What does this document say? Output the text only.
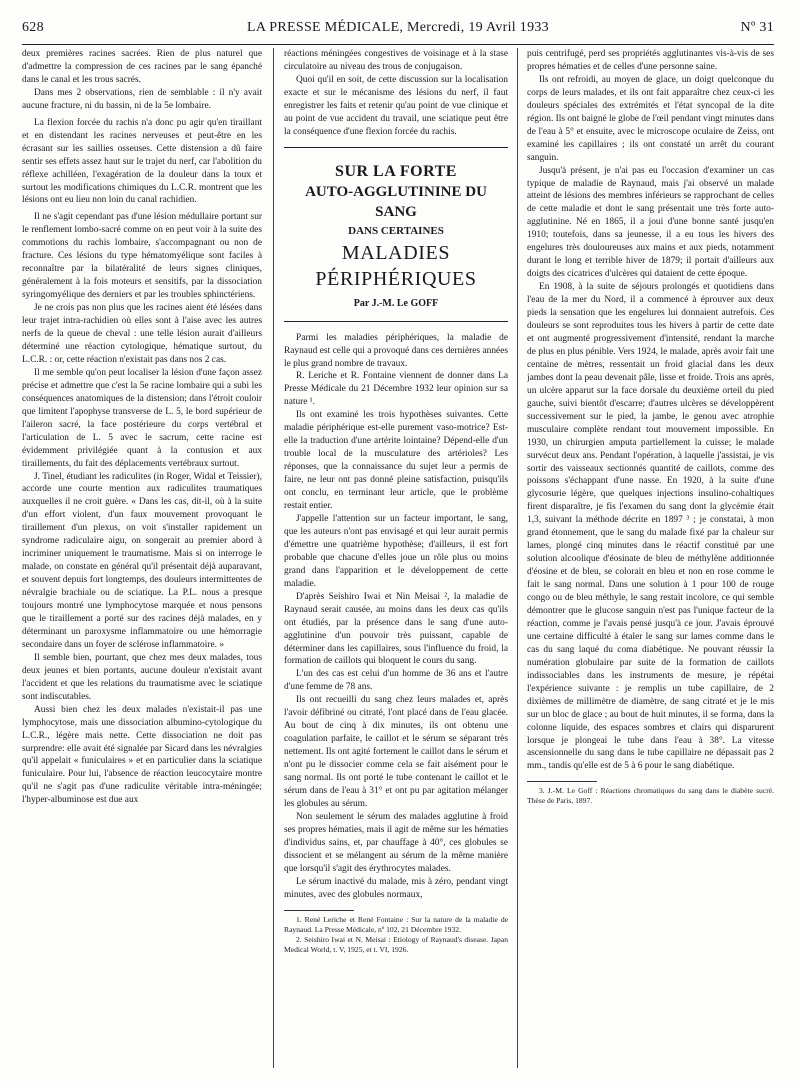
628	LA PRESSE MÉDICALE, Mercredi, 19 Avril 1933	Nº 31

deux premières racines sacrées. Rien de plus naturel que d'admettre la compression de ces racines par le sang épanché dans le canal et les trous sacrés.

Dans mes 2 observations, rien de semblable : il n'y avait aucune fracture, ni du bassin, ni de la 5e lombaire.

La flexion forcée du rachis n'a donc pu agir qu'en tiraillant et en distendant les racines nerveuses et peut-être en les écrasant sur les saillies osseuses. Cette distension a dû faire sentir ses effets assez haut sur le trajet du nerf, car l'abolition du réflexe achilléen, l'exagération de la douleur dans la toux et surtout les modifications chimiques du L.C.R. montrent que les lésions ont eu lieu non loin du canal rachidien.

Il ne s'agit cependant pas d'une lésion médullaire portant sur le renflement lombo-sacré comme on en peut voir à la suite des commotions du rachis lombaire, s'accompagnant ou non de fracture. Ces lésions du type hématomyélique sont faciles à reconnaître par la bilatéralité de leurs signes cliniques, généralement à la fois moteurs et sensitifs, par la dissociation syringomyélique des derniers et par les troubles sphinctériens.

Je ne crois pas non plus que les racines aient été lésées dans leur trajet intra-rachidien où elles sont à l'aise avec les autres nerfs de la queue de cheval : une telle lésion aurait d'ailleurs déterminé une réaction cytologique, hématique surtout, du L.C.R. : or, cette réaction n'existait pas dans nos 2 cas.

Il me semble qu'on peut localiser la lésion d'une façon assez précise et admettre que c'est la 5e racine lombaire qui a subi les conséquences anatomiques de la distension; dans l'étroit couloir que limitent l'apophyse transverse de L. 5, le bord supérieur de l'aileron sacré, la face postérieure du corps vertébral et l'articulation de L. 5 avec le sacrum, cette racine est évidemment privilégiée quant à la contusion et aux tiraillements, du fait des déplacements vertébraux surtout.

J. Tinel, étudiant les radiculites (in Roger, Widal et Teissier), accorde une courte mention aux radiculites traumatiques auxquelles il ne croit guère. « Dans les cas, dit-il, où à la suite d'un effort violent, d'un faux mouvement provoquant le tiraillement d'un plexus, on voit s'installer rapidement un syndrome radiculaire aigu, on songerait au premier abord à incriminer uniquement le traumatisme. Mais si on interroge le malade, on constate en général qu'il présentait déjà auparavant, et souvent depuis fort longtemps, des douleurs intermittentes de névralgie brachiale ou de sciatique. La P.L. nous a presque toujours montré une lymphocytose marquée et nous pensons que le tiraillement a porté sur des racines déjà malades, en y déterminant un paroxysme inflammatoire ou une hémorragie secondaire dans un foyer de sclérose inflammatoire. »

Il semble bien, pourtant, que chez mes deux malades, tous deux jeunes et bien portants, aucune douleur n'existait avant l'accident et que les relations du traumatisme avec le sciatique sont indiscutables.

Aussi bien chez les deux malades n'existait-il pas une lymphocytose, mais une dissociation albumino-cytologique du L.C.R., légère mais nette. Cette dissociation ne doit pas surprendre: elle avait été signalée par Sicard dans les névralgies qu'il appelait « funiculaires » et en particulier dans la sciatique funiculaire. Pour lui, l'absence de réaction leucocytaire montre qu'il ne s'agit pas d'une radiculite véritable intra-méningée; l'hyper-albuminose est due aux

réactions méningées congestives de voisinage et à la stase circulatoire au niveau des trous de conjugaison.

Quoi qu'il en soit, de cette discussion sur la localisation exacte et sur le mécanisme des lésions du nerf, il faut enregistrer les faits et retenir qu'au point de vue clinique et au point de vue accident du travail, une sciatique peut être la conséquence d'une flexion forcée du rachis.

SUR LA FORTE
AUTO-AGGLUTININE DU SANG
DANS CERTAINES
MALADIES PÉRIPHÉRIQUES
Par J.-M. Le GOFF

Parmi les maladies périphériques, la maladie de Raynaud est celle qui a provoqué dans ces dernières années le plus grand nombre de travaux.

R. Leriche et R. Fontaine viennent de donner dans La Presse Médicale du 21 Décembre 1932 leur opinion sur sa nature ¹.

Ils ont examiné les trois hypothèses suivantes. Cette maladie périphérique est-elle purement vaso-motrice? Est-elle la traduction d'une artérite lointaine? Dépend-elle d'un trouble local de la musculature des artérioles? Les réponses, que la connaissance du sujet leur a permis de faire, ne leur ont pas donné pleine satisfaction, puisqu'ils ont conclu, en terminant leur article, que le problème restait entier.

J'appelle l'attention sur un facteur important, le sang, que les auteurs n'ont pas envisagé et qui leur aurait permis d'émettre une quatrième hypothèse; d'ailleurs, il est fort probable que chacune d'elles joue un rôle plus ou moins grand dans l'apparition et le développement de cette maladie.

D'après Seishiro Iwai et Nin Meisai ², la maladie de Raynaud serait causée, au moins dans les deux cas qu'ils ont étudiés, par la présence dans le sang d'une auto-agglutinine d'un pouvoir très puissant, capable de déterminer dans les capillaires, sous l'influence du froid, la formation de caillots qui bloquent le cours du sang.

L'un des cas est celui d'un homme de 36 ans et l'autre d'une femme de 78 ans.

Ils ont recueilli du sang chez leurs malades et, après l'avoir défibriné ou citraté, l'ont placé dans de l'eau glacée. Au bout de cinq à dix minutes, ils ont obtenu une coagulation parfaite, le caillot et le sérum se séparant très nettement. Ils ont agité fortement le caillot dans le sérum et n'ont pu le dissocier comme cela se fait aisément pour le sang normal. Ils ont porté le tube contenant le caillot et le sérum dans de l'eau à 31° et ont pu par agitation mélanger les globules au sérum.

Non seulement le sérum des malades agglutine à froid ses propres hématies, mais il agit de même sur les hématies d'individus sains, et, par chauffage à 40°, ces globules se dissocient et se mélangent au sérum de la même manière que lorsqu'il s'agit des érythrocytes malades.

Le sérum inactivé du malade, mis à zéro, pendant vingt minutes, avec des globules normaux,

1. René Leriche et René Fontaine : Sur la nature de la maladie de Raynaud. La Presse Médicale, nº 102, 21 Décembre 1932.

2. Seishiro Iwai et N. Meisai : Etiology of Raynaud's disease. Japan Medical World, t. V, 1925, et t. VI, 1926.

puis centrifugé, perd ses propriétés agglutinantes vis-à-vis de ses propres hématies et de celles d'une personne saine.

Ils ont refroidi, au moyen de glace, un doigt quelconque du corps de leurs malades, et ils ont fait apparaître chez ceux-ci les douleurs spéciales des extrémités et l'état syncopal de la dite région. Ils ont baigné le globe de l'œil pendant vingt minutes dans de l'eau à 5° et ensuite, avec le microscope oculaire de Zeiss, ont examiné les capillaires ; ils ont constaté un arrêt du courant sanguin.

Jusqu'à présent, je n'ai pas eu l'occasion d'examiner un cas typique de maladie de Raynaud, mais j'ai observé un malade atteint de lésions des membres inférieurs se rapprochant de celles de cette maladie et dont le sang présentait une très forte auto-agglutinine. Né en 1865, il a joui d'une bonne santé jusqu'en 1910; toutefois, dans sa jeunesse, il a eu tous les hivers des engelures très douloureuses aux mains et aux pieds, notamment durant le long et terrible hiver de 1879; il portait d'ailleurs aux doigts des cicatrices d'ulcères qui dataient de cette époque.

En 1908, à la suite de séjours prolongés et quotidiens dans l'eau de la mer du Nord, il a commencé à éprouver aux deux pieds la sensation que les engelures lui donnaient autrefois. Ces douleurs se sont reproduites tous les hivers à partir de cette date et ont augmenté progressivement d'intensité, rendant la marche de plus en plus pénible. Vers 1924, le malade, après avoir fait une centaine de mètres, ressentait un froid glacial dans les deux jambes dont la peau devenait pâle, lisse et froide. Trois ans après, un ulcère apparut sur la face dorsale du deuxième orteil du pied gauche, suivi bientôt d'escarre; d'autres ulcères se développèrent successivement sur le pied, la jambe, le genou avec atrophie musculaire complète rendant tout mouvement impossible. En 1930, un chirurgien amputa partiellement la cuisse; le malade survécut deux ans. Pendant l'opération, à laquelle j'assistai, je vis sortir des vaisseaux sectionnés quantité de caillots, comme des poissons s'échappant d'une nasse. En 1920, à la suite d'une glycosurie légère, que quelques injections insulino-cohaltiques firent disparaître, je fis l'examen du sang dont la glycémie était 1,3, suivant la méthode décrite en 1897 ³ ; je constatai, à mon grand étonnement, que le sang du malade fixé par la chaleur sur lames, plongé cinq minutes dans le réactif constitué par une solution alcoolique d'éosinate de bleu de méthylène additionnée d'éosine et de bleu, se colorait en bleu et non en rose comme le fait le sang normal. Dans une solution à 1 pour 100 de rouge congo ou de bleu méthyle, le sang restait incolore, ce qui semble démontrer que le glucose sanguin n'est pas l'unique facteur de la réaction, comme je l'avais pensé jusqu'à ce jour. J'avais éprouvé une certaine difficulté à étaler le sang sur lames comme dans le cas du sang laqué du coma diabétique. Ne pouvant réussir la numération globulaire par suite de la formation de caillots indissociables dans les instruments de mesure, je répétai l'expérience suivante : je remplis un tube capillaire, de 2 dixièmes de millimètre de diamètre, de sang citraté et je le mis sur un bloc de glace ; au bout de huit minutes, il se forma, dans la colonne liquide, des espaces sombres et clairs qui disparurent lorsque je plongeai le tube dans l'eau à 38°. La vitesse ascensionnelle du sang dans le tube capillaire ne dépassait pas 2 mm., tandis qu'elle est de 5 à 6 pour le sang diabétique.

3. J.-M. Le Goff : Réactions chromatiques du sang dans le diabète sucré. Thèse de Paris, 1897.
